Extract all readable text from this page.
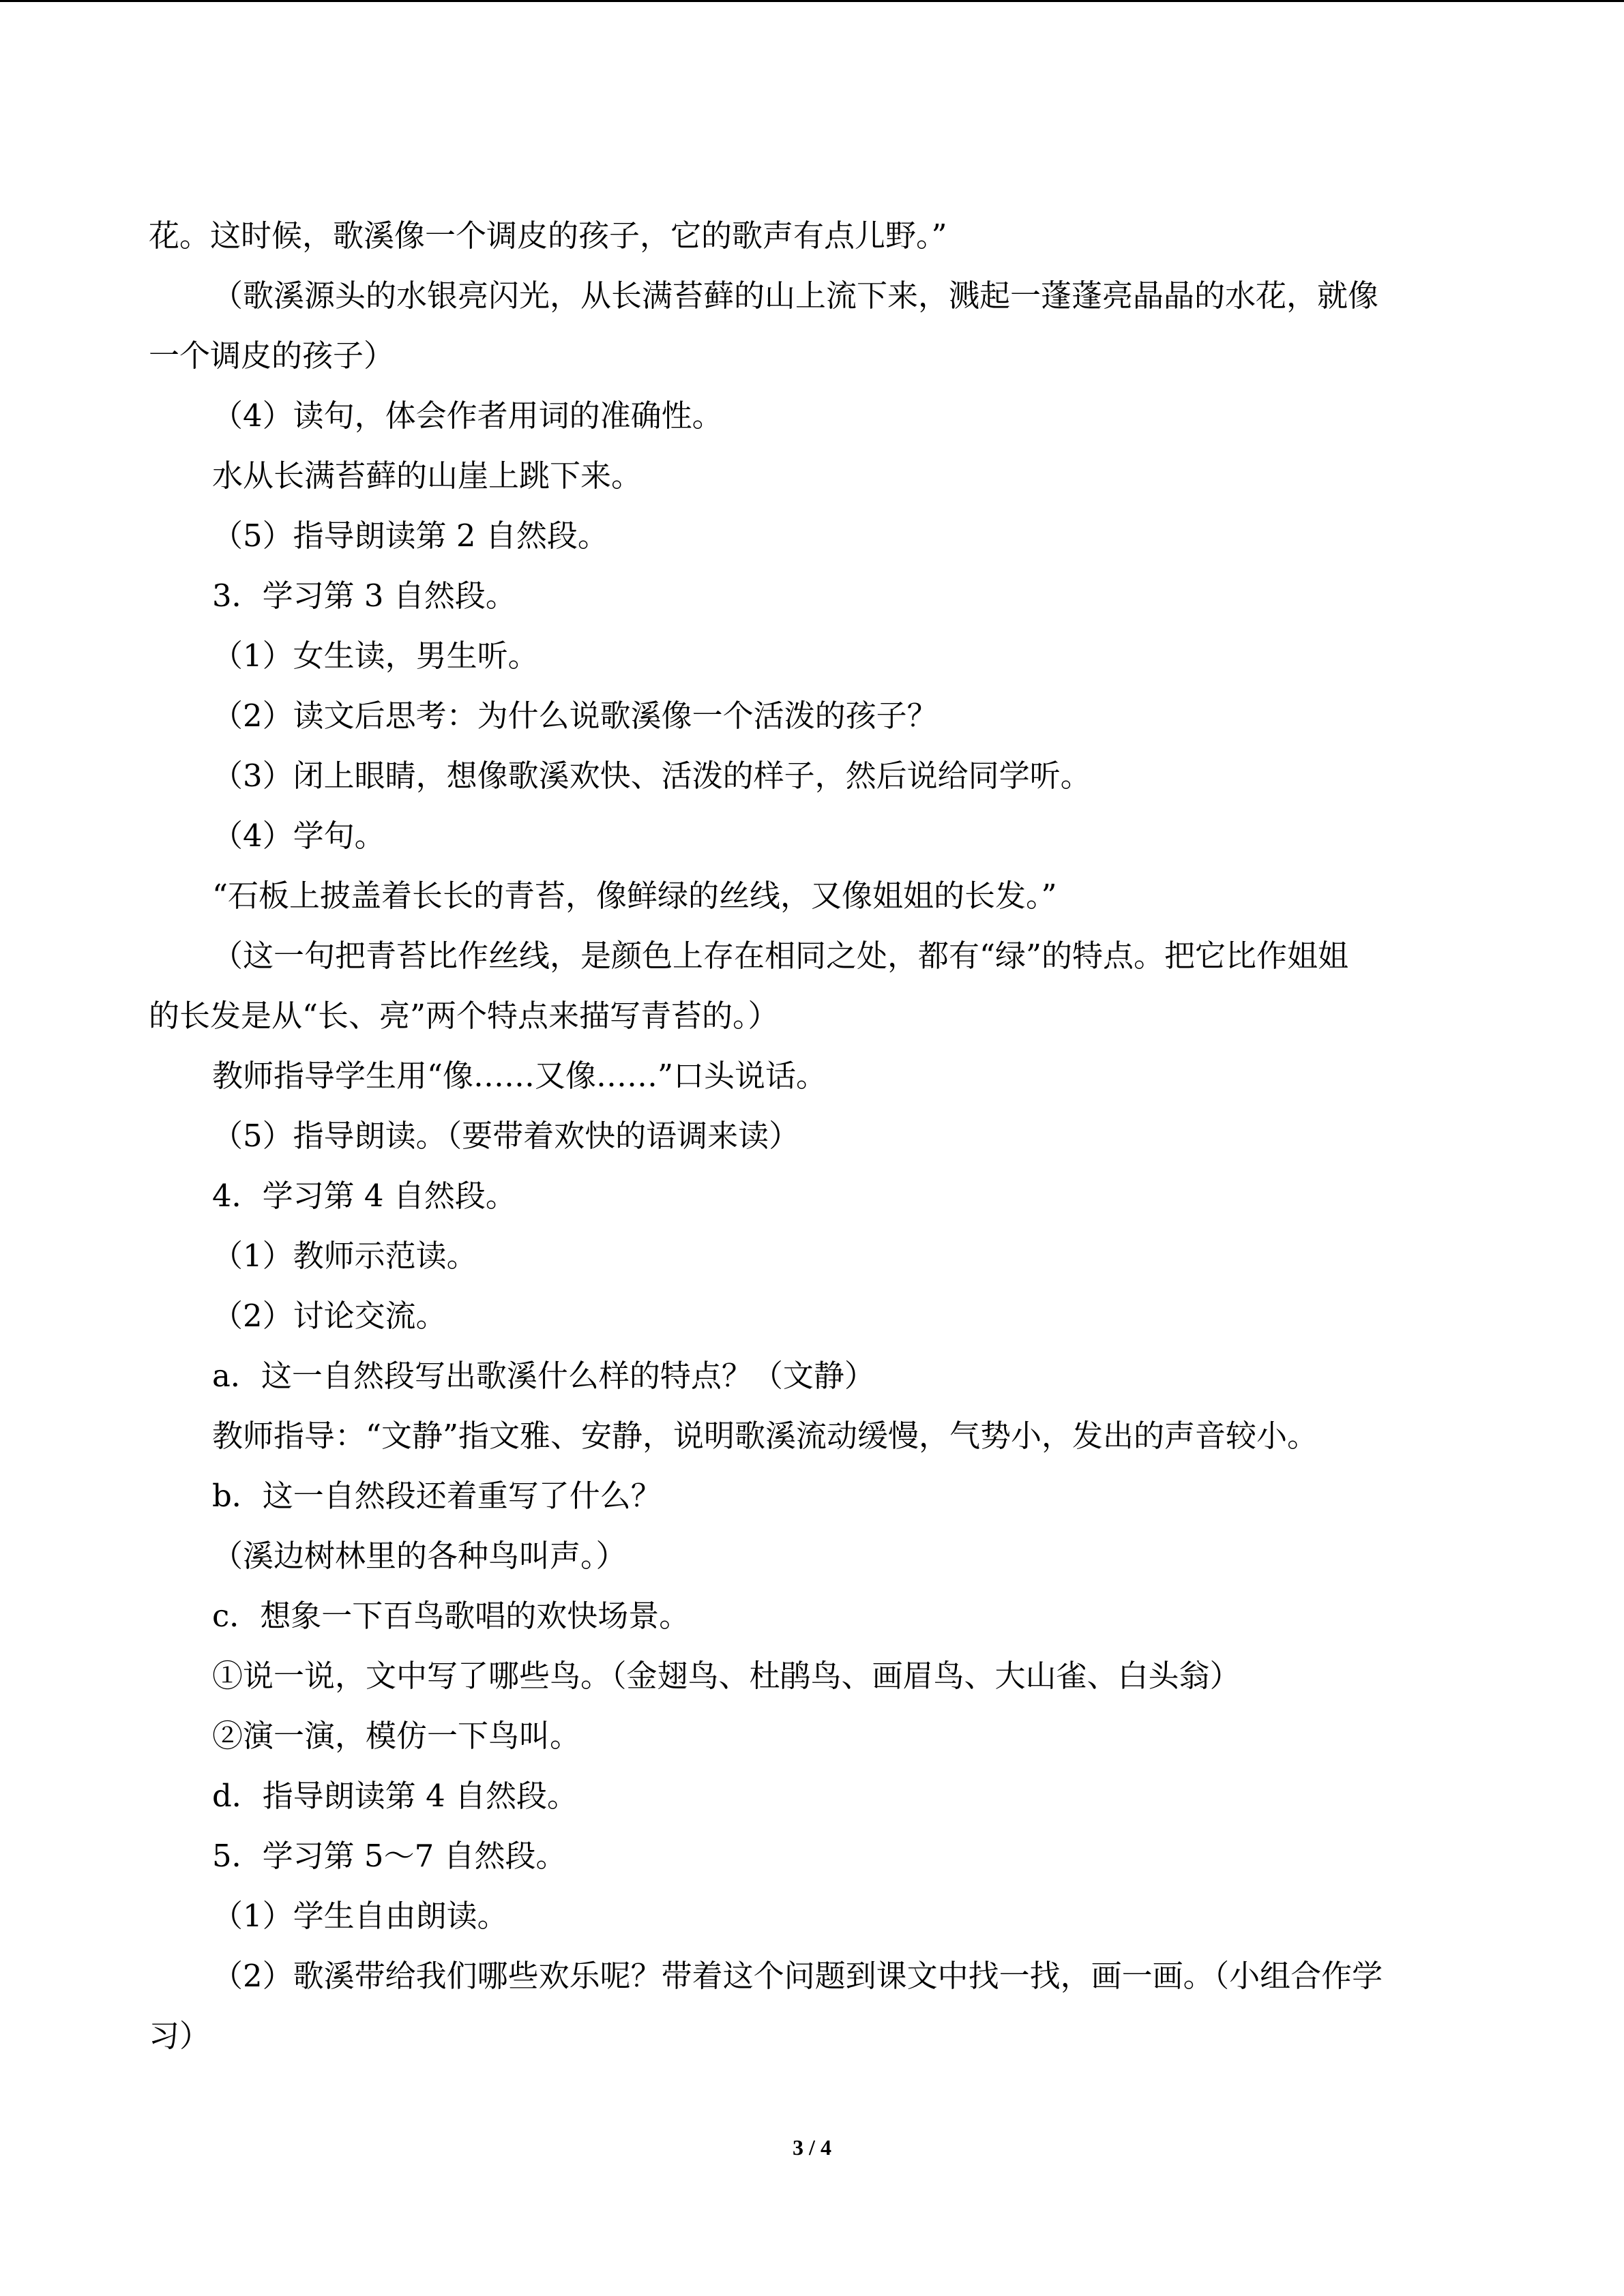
花。这时候，歌溪像一个调皮的孩子，它的歌声有点儿野。”

（歌溪源头的水银亮闪光，从长满苔藓的山上流下来，溅起一蓬蓬亮晶晶的水花，就像

一个调皮的孩子）

（4）读句，体会作者用词的准确性。

水从长满苔藓的山崖上跳下来。

（5）指导朗读第 2 自然段。

3．学习第 3 自然段。

（1）女生读，男生听。

（2）读文后思考：为什么说歌溪像一个活泼的孩子？

（3）闭上眼睛，想像歌溪欢快、活泼的样子，然后说给同学听。

（4）学句。

“石板上披盖着长长的青苔，像鲜绿的丝线，又像姐姐的长发。”

（这一句把青苔比作丝线，是颜色上存在相同之处，都有“绿”的特点。把它比作姐姐

的长发是从“长、亮”两个特点来描写青苔的。）

教师指导学生用“像……又像……”口头说话。

（5）指导朗读。（要带着欢快的语调来读）

4．学习第 4 自然段。

（1）教师示范读。

（2）讨论交流。

a．这一自然段写出歌溪什么样的特点？（文静）

教师指导：“文静”指文雅、安静，说明歌溪流动缓慢，气势小，发出的声音较小。

b．这一自然段还着重写了什么？

（溪边树林里的各种鸟叫声。）

c．想象一下百鸟歌唱的欢快场景。

①说一说，文中写了哪些鸟。（金翅鸟、杜鹃鸟、画眉鸟、大山雀、白头翁）

②演一演，模仿一下鸟叫。

d．指导朗读第 4 自然段。

5．学习第 5～7 自然段。

（1）学生自由朗读。

（2）歌溪带给我们哪些欢乐呢？带着这个问题到课文中找一找，画一画。（小组合作学

习）

3 / 4
